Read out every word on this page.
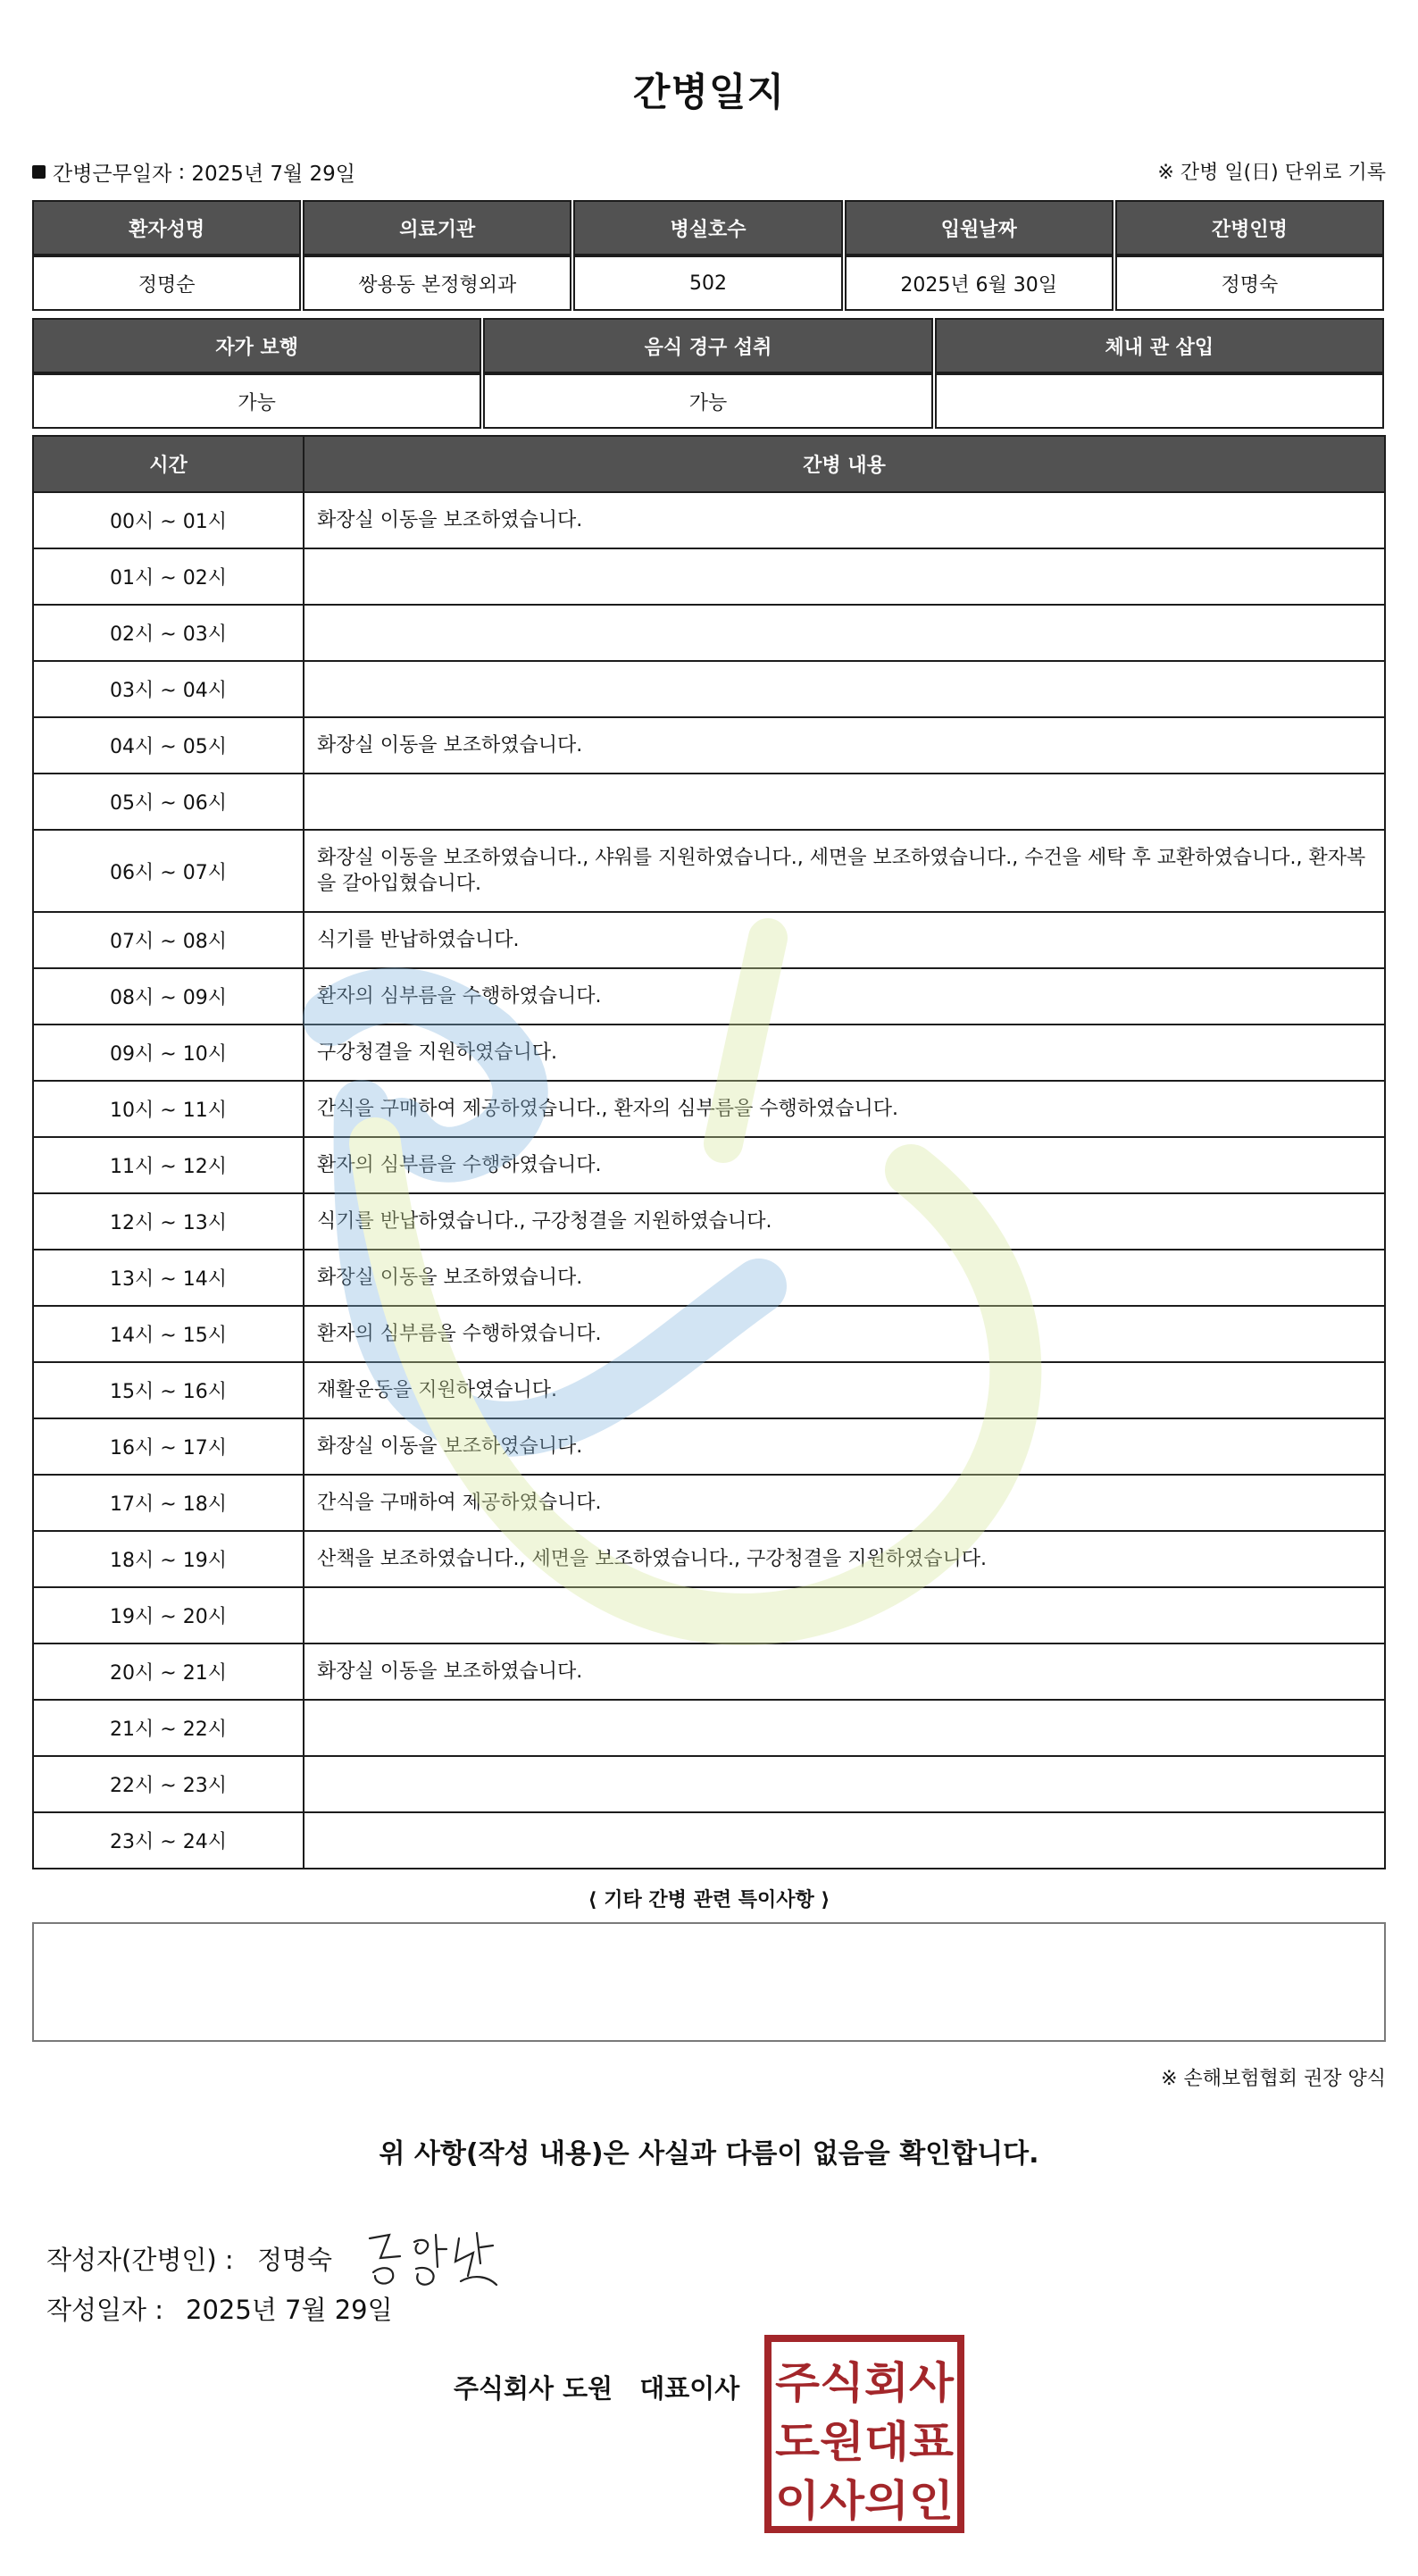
간병일지
간병근무일자 : 2025년 7월 29일	※ 간병 일(日) 단위로 기록
환자성명	의료기관	병실호수	입원날짜	간병인명
정명순	쌍용동 본정형외과	502	2025년 6월 30일	정명숙
자가 보행	음식 경구 섭취	체내 관 삽입
가능	가능
시간	간병 내용
00시 ~ 01시	화장실 이동을 보조하였습니다.
01시 ~ 02시	
02시 ~ 03시	
03시 ~ 04시	
04시 ~ 05시	화장실 이동을 보조하였습니다.
05시 ~ 06시	
06시 ~ 07시	화장실 이동을 보조하였습니다., 샤워를 지원하였습니다., 세면을 보조하였습니다., 수건을 세탁 후 교환하였습니다., 환자복을 갈아입혔습니다.
07시 ~ 08시	식기를 반납하였습니다.
08시 ~ 09시	환자의 심부름을 수행하였습니다.
09시 ~ 10시	구강청결을 지원하였습니다.
10시 ~ 11시	간식을 구매하여 제공하였습니다., 환자의 심부름을 수행하였습니다.
11시 ~ 12시	환자의 심부름을 수행하였습니다.
12시 ~ 13시	식기를 반납하였습니다., 구강청결을 지원하였습니다.
13시 ~ 14시	화장실 이동을 보조하였습니다.
14시 ~ 15시	환자의 심부름을 수행하였습니다.
15시 ~ 16시	재활운동을 지원하였습니다.
16시 ~ 17시	화장실 이동을 보조하였습니다.
17시 ~ 18시	간식을 구매하여 제공하였습니다.
18시 ~ 19시	산책을 보조하였습니다., 세면을 보조하였습니다., 구강청결을 지원하였습니다.
19시 ~ 20시	
20시 ~ 21시	화장실 이동을 보조하였습니다.
21시 ~ 22시	
22시 ~ 23시	
23시 ~ 24시	
⟨ 기타 간병 관련 특이사항 ⟩
※ 손해보험협회 권장 양식
위 사항(작성 내용)은 사실과 다름이 없음을 확인합니다.
작성자(간병인) : 정명숙
작성일자 : 2025년 7월 29일
주식회사 도원 대표이사 주식회사
도원대표
이사의인
